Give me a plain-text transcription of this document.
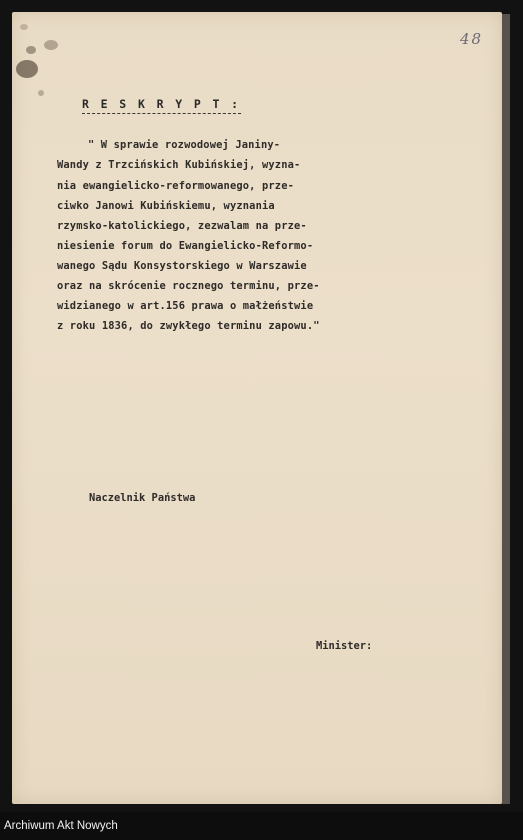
48
R E S K R Y P T :
" W sprawie rozwodowej Janiny-
Wandy z Trzcińskich Kubińskiej, wyzna-
nia ewangielicko-reformowanego, prze-
ciwko Janowi Kubińskiemu, wyznania
rzymsko-katolickiego, zezwalam na prze-
niesienie forum do Ewangielicko-Reformo-
wanego Sądu Konsystorskiego w Warszawie
oraz na skrócenie rocznego terminu, prze-
widzianego w art.156 prawa o małżeństwie
z roku 1836, do zwykłego terminu zapowu."
Naczelnik Państwa
Minister:
Archiwum Akt Nowych
